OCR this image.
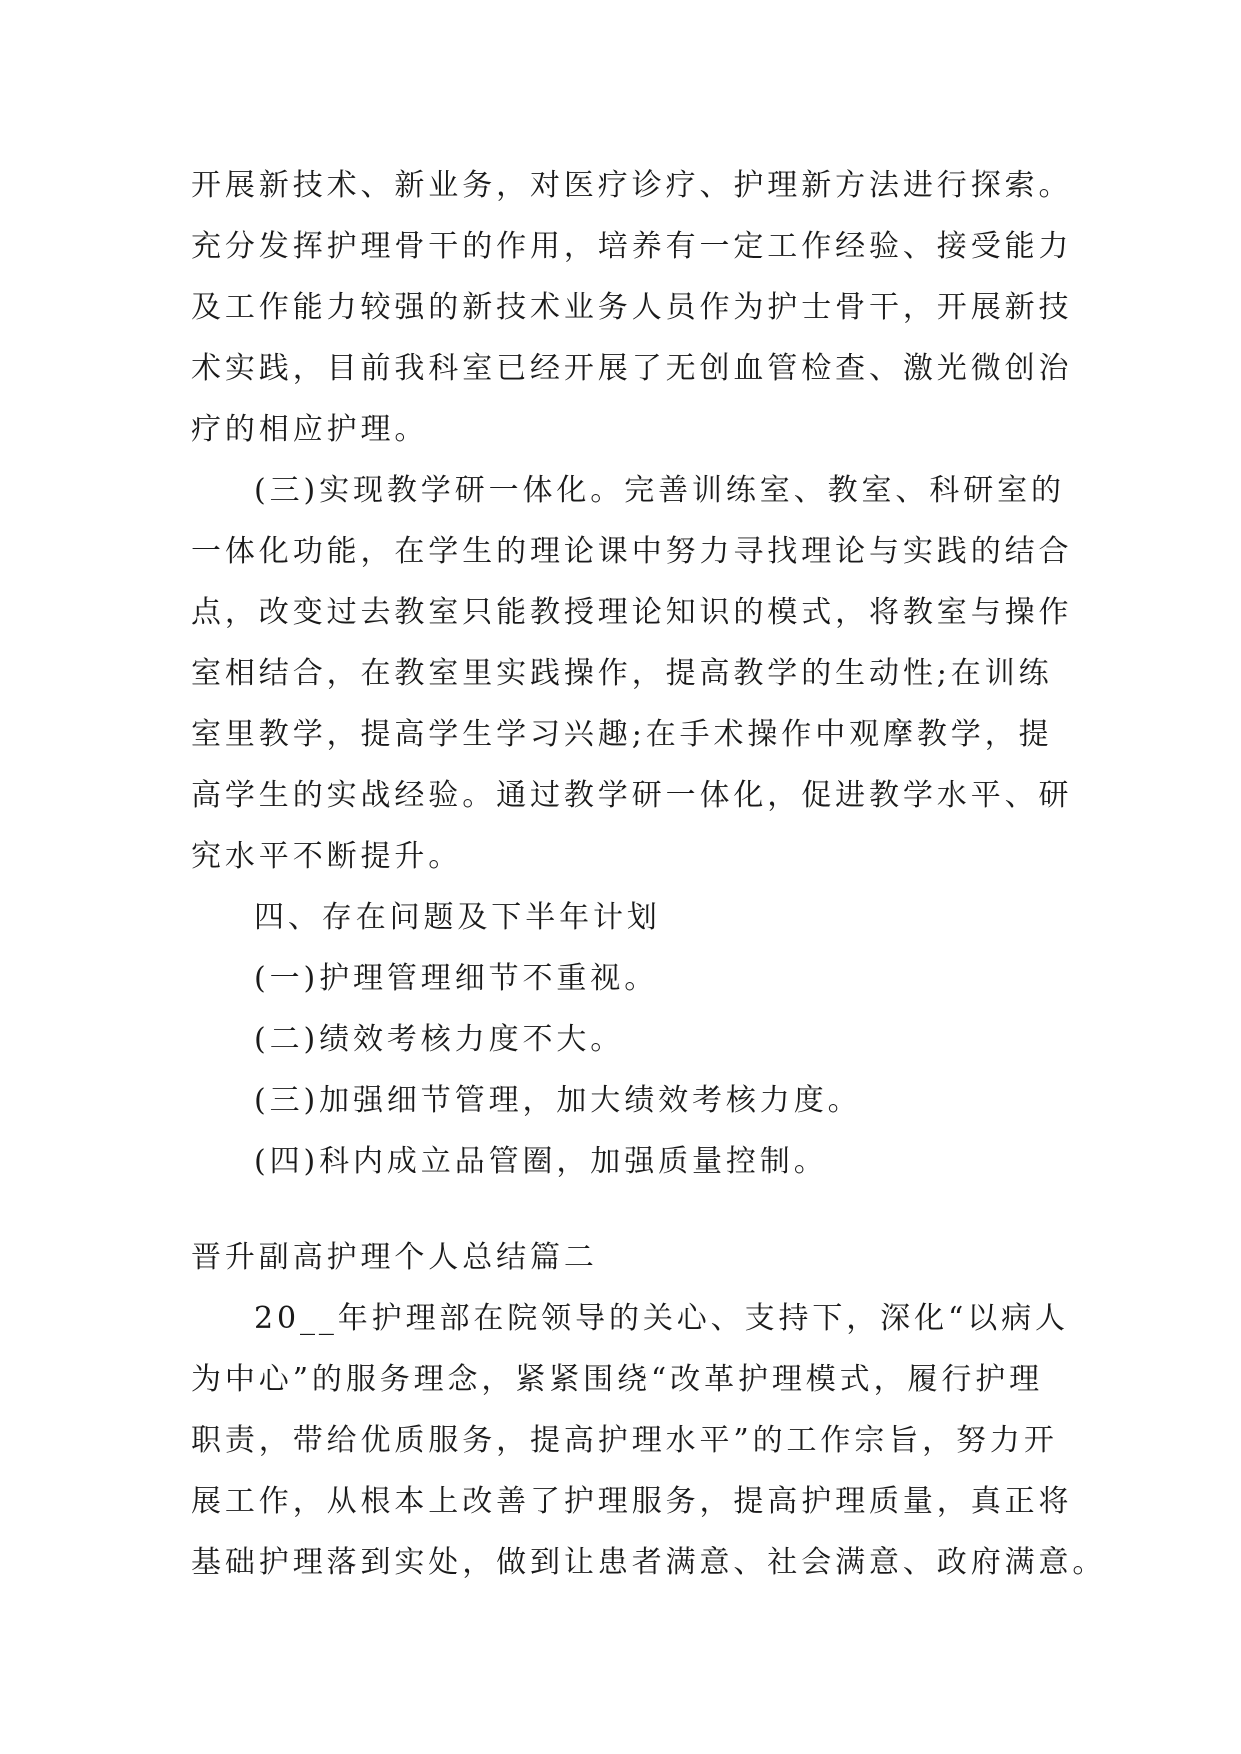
开展新技术、新业务，对医疗诊疗、护理新方法进行探索。
充分发挥护理骨干的作用，培养有一定工作经验、接受能力
及工作能力较强的新技术业务人员作为护士骨干，开展新技
术实践，目前我科室已经开展了无创血管检查、激光微创治
疗的相应护理。
(三)实现教学研一体化。完善训练室、教室、科研室的
一体化功能，在学生的理论课中努力寻找理论与实践的结合
点，改变过去教室只能教授理论知识的模式，将教室与操作
室相结合，在教室里实践操作，提高教学的生动性;在训练
室里教学，提高学生学习兴趣;在手术操作中观摩教学，提
高学生的实战经验。通过教学研一体化，促进教学水平、研
究水平不断提升。
四、存在问题及下半年计划
(一)护理管理细节不重视。
(二)绩效考核力度不大。
(三)加强细节管理，加大绩效考核力度。
(四)科内成立品管圈，加强质量控制。
晋升副高护理个人总结篇二
20__年护理部在院领导的关心、支持下，深化“以病人
为中心”的服务理念，紧紧围绕“改革护理模式，履行护理
职责，带给优质服务，提高护理水平”的工作宗旨，努力开
展工作，从根本上改善了护理服务，提高护理质量，真正将
基础护理落到实处，做到让患者满意、社会满意、政府满意。
